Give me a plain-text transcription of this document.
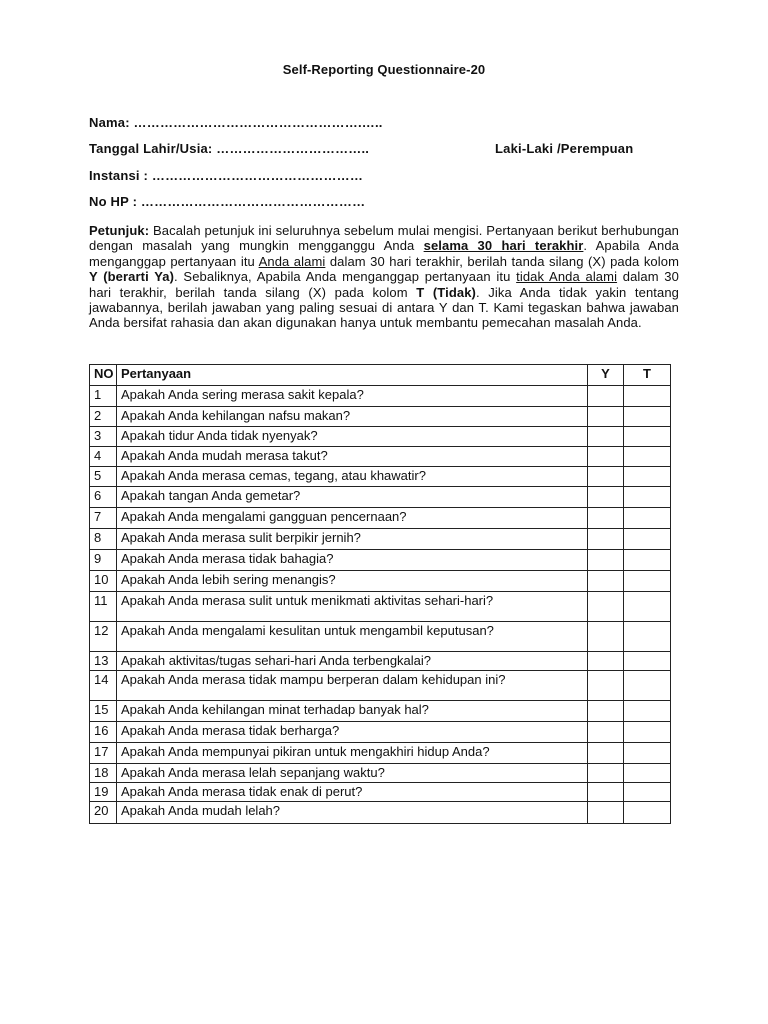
Self-Reporting Questionnaire-20
Nama: …………………………………………….…..
Tanggal Lahir/Usia: ……………………………..	Laki-Laki /Perempuan
Instansi : …………………………………………
No HP : ……………………………………………
Petunjuk: Bacalah petunjuk ini seluruhnya sebelum mulai mengisi. Pertanyaan berikut berhubungan dengan masalah yang mungkin mengganggu Anda selama 30 hari terakhir. Apabila Anda menganggap pertanyaan itu Anda alami dalam 30 hari terakhir, berilah tanda silang (X) pada kolom Y (berarti Ya). Sebaliknya, Apabila Anda menganggap pertanyaan itu tidak Anda alami dalam 30 hari terakhir, berilah tanda silang (X) pada kolom T (Tidak). Jika Anda tidak yakin tentang jawabannya, berilah jawaban yang paling sesuai di antara Y dan T. Kami tegaskan bahwa jawaban Anda bersifat rahasia dan akan digunakan hanya untuk membantu pemecahan masalah Anda.
NO	Pertanyaan	Y	T
1	Apakah Anda sering merasa sakit kepala?		
2	Apakah Anda kehilangan nafsu makan?		
3	Apakah tidur Anda tidak nyenyak?		
4	Apakah Anda mudah merasa takut?		
5	Apakah Anda merasa cemas, tegang, atau khawatir?		
6	Apakah tangan Anda gemetar?		
7	Apakah Anda mengalami gangguan pencernaan?		
8	Apakah Anda merasa sulit berpikir jernih?		
9	Apakah Anda merasa tidak bahagia?		
10	Apakah Anda lebih sering menangis?		
11	Apakah Anda merasa sulit untuk menikmati aktivitas sehari-hari?		
12	Apakah Anda mengalami kesulitan untuk mengambil keputusan?		
13	Apakah aktivitas/tugas sehari-hari Anda terbengkalai?		
14	Apakah Anda merasa tidak mampu berperan dalam kehidupan ini?		
15	Apakah Anda kehilangan minat terhadap banyak hal?		
16	Apakah Anda merasa tidak berharga?		
17	Apakah Anda mempunyai pikiran untuk mengakhiri hidup Anda?		
18	Apakah Anda merasa lelah sepanjang waktu?		
19	Apakah Anda merasa tidak enak di perut?		
20	Apakah Anda mudah lelah?		
